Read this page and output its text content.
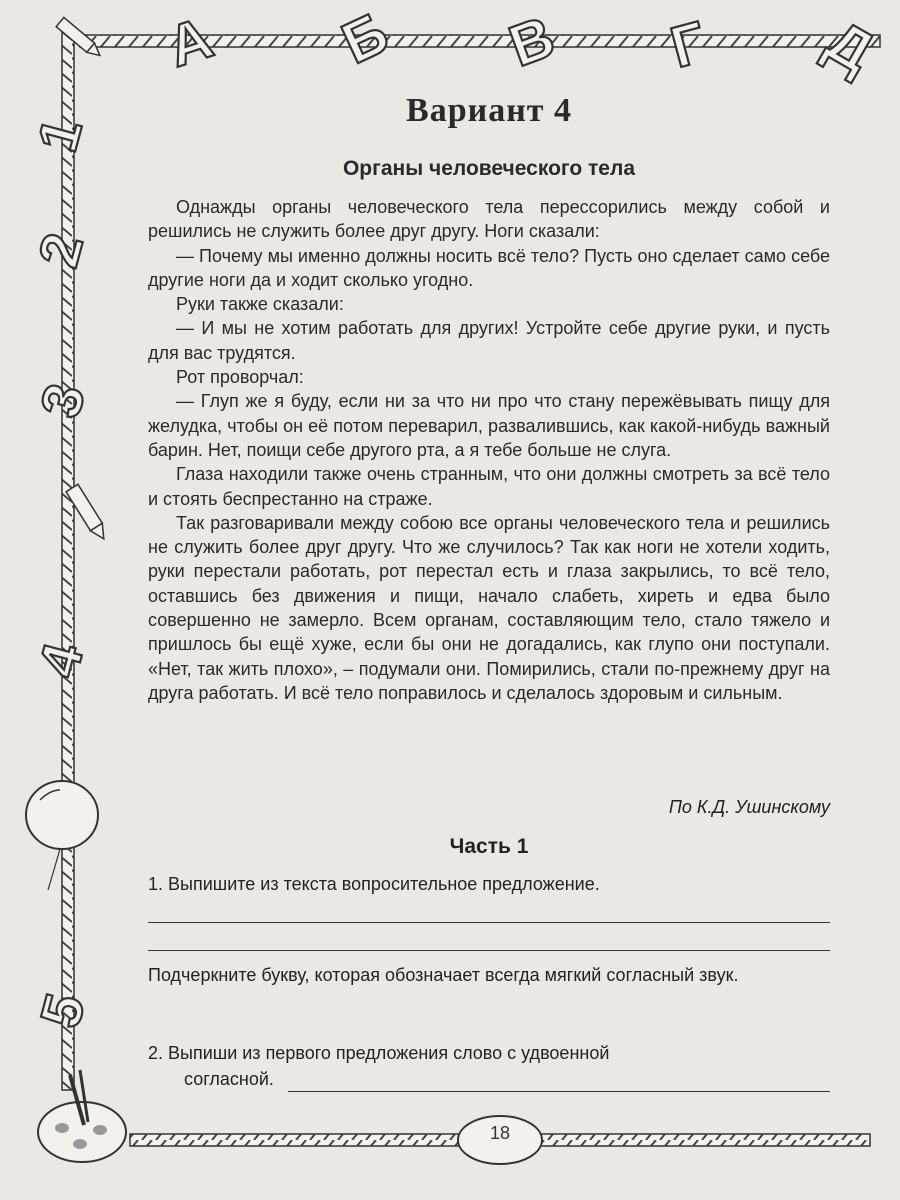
А Б В Г Д
1
2
3
4
5
Вариант 4
Органы человеческого тела

Однажды органы человеческого тела перессорились между собой и решились не служить более друг другу. Ноги сказали:

— Почему мы именно должны носить всё тело? Пусть оно сделает само себе другие ноги да и ходит сколько угодно.

Руки также сказали:

— И мы не хотим работать для других! Устройте себе другие руки, и пусть для вас трудятся.

Рот проворчал:

— Глуп же я буду, если ни за что ни про что стану пережёвывать пищу для желудка, чтобы он её потом переварил, развалившись, как какой-нибудь важный барин. Нет, поищи себе другого рта, а я тебе больше не слуга.

Глаза находили также очень странным, что они должны смотреть за всё тело и стоять беспрестанно на страже.

Так разговаривали между собою все органы человеческого тела и решились не служить более друг другу. Что же случилось? Так как ноги не хотели ходить, руки перестали работать, рот перестал есть и глаза закрылись, то всё тело, оставшись без движения и пищи, начало слабеть, хиреть и едва было совершенно не замерло. Всем органам, составляющим тело, стало тяжело и пришлось бы ещё хуже, если бы они не догадались, как глупо они поступали. «Нет, так жить плохо», – подумали они. Помирились, стали по-прежнему друг на друга работать. И всё тело поправилось и сделалось здоровым и сильным.

По К.Д. Ушинскому
Часть 1
1. Выпишите из текста вопросительное предложение.
Подчеркните букву, которая обозначает всегда мягкий согласный звук.
2. Выпиши из первого предложения слово с удвоенной
согласной.
18
